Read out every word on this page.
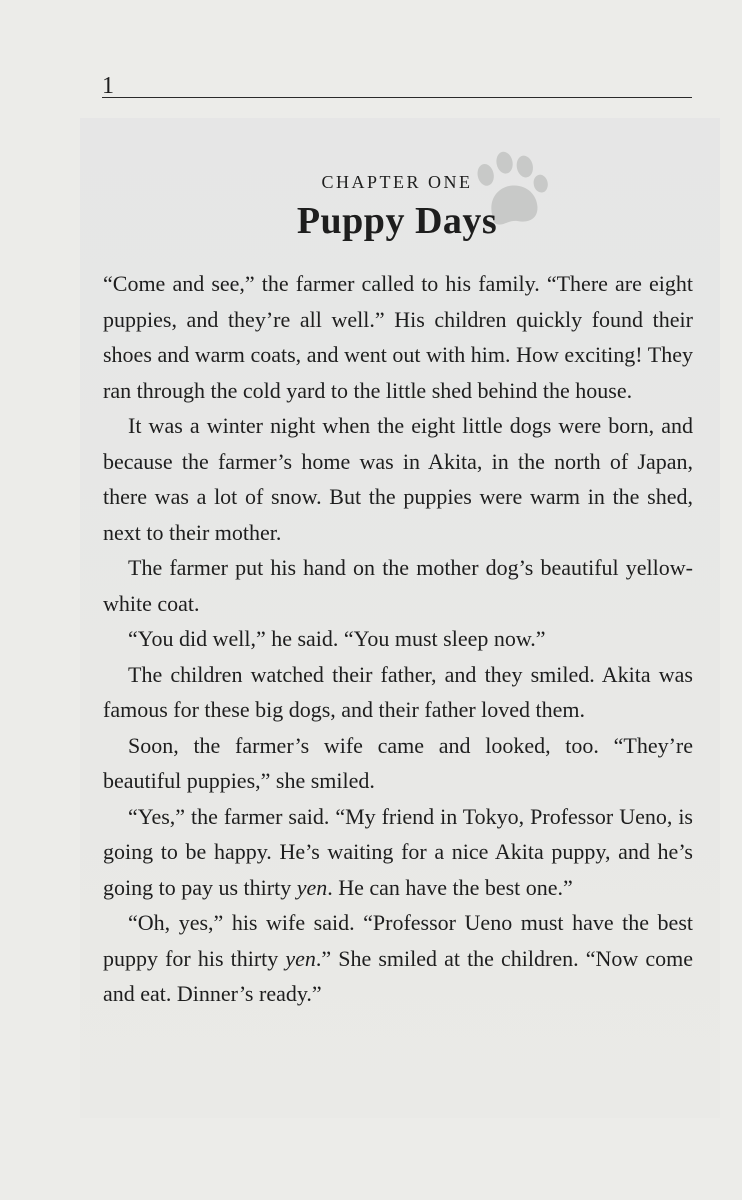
1
CHAPTER ONE
Puppy Days

“Come and see,” the farmer called to his family. “There are eight puppies, and they’re all well.” His children quickly found their shoes and warm coats, and went out with him. How exciting! They ran through the cold yard to the little shed behind the house.

It was a winter night when the eight little dogs were born, and because the farmer’s home was in Akita, in the north of Japan, there was a lot of snow. But the puppies were warm in the shed, next to their mother.

The farmer put his hand on the mother dog’s beautiful yellow-white coat.

“You did well,” he said. “You must sleep now.”

The children watched their father, and they smiled. Akita was famous for these big dogs, and their father loved them.

Soon, the farmer’s wife came and looked, too. “They’re beautiful puppies,” she smiled.

“Yes,” the farmer said. “My friend in Tokyo, Professor Ueno, is going to be happy. He’s waiting for a nice Akita puppy, and he’s going to pay us thirty yen. He can have the best one.”

“Oh, yes,” his wife said. “Professor Ueno must have the best puppy for his thirty yen.” She smiled at the children. “Now come and eat. Dinner’s ready.”
